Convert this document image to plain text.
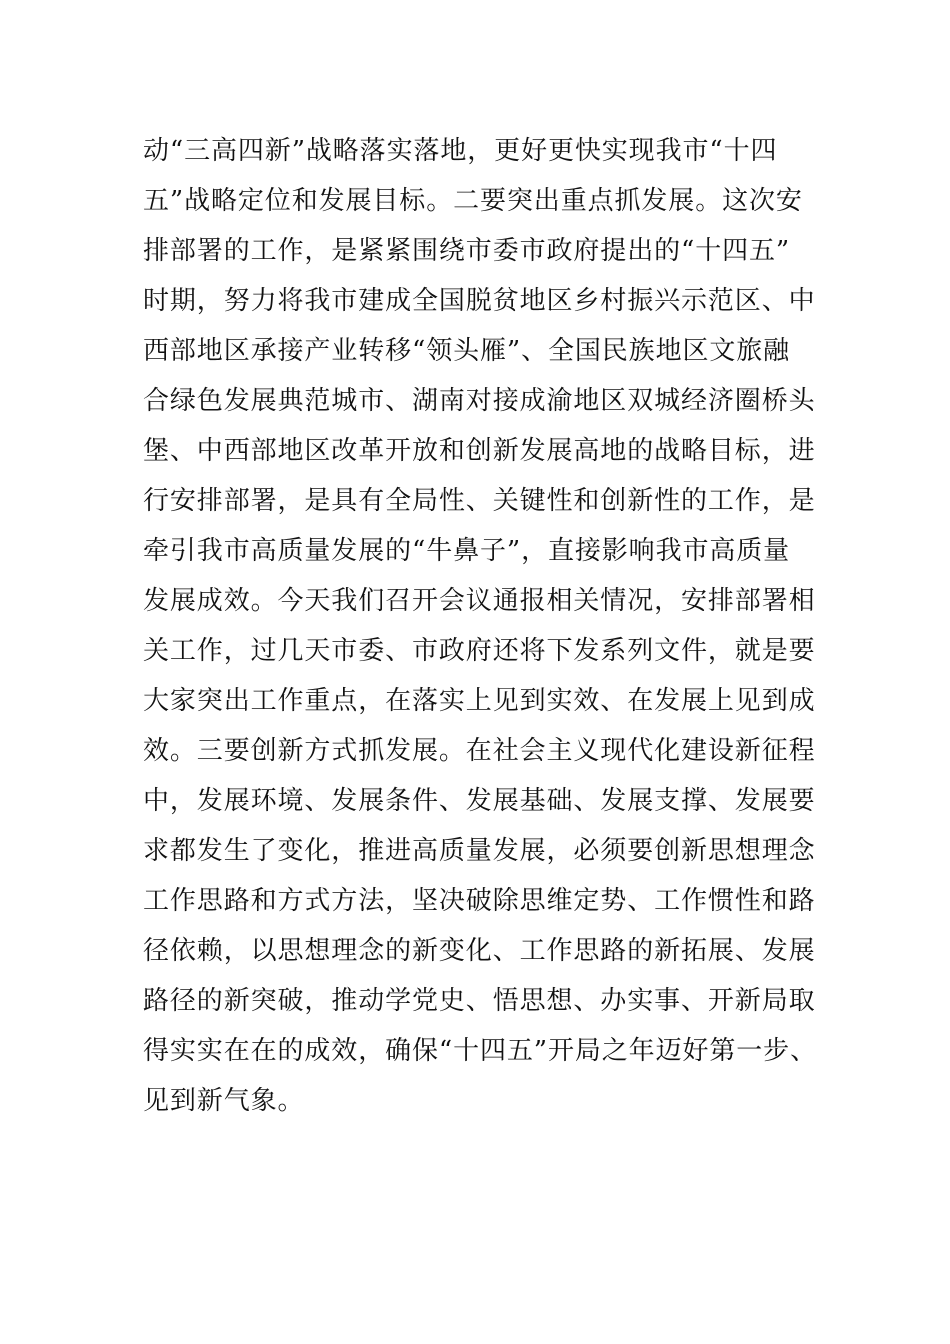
动“三高四新”战略落实落地，更好更快实现我市“十四
五”战略定位和发展目标。二要突出重点抓发展。这次安
排部署的工作，是紧紧围绕市委市政府提出的“十四五”
时期，努力将我市建成全国脱贫地区乡村振兴示范区、中
西部地区承接产业转移“领头雁”、全国民族地区文旅融
合绿色发展典范城市、湖南对接成渝地区双城经济圈桥头
堡、中西部地区改革开放和创新发展高地的战略目标，进
行安排部署，是具有全局性、关键性和创新性的工作，是
牵引我市高质量发展的“牛鼻子”，直接影响我市高质量
发展成效。今天我们召开会议通报相关情况，安排部署相
关工作，过几天市委、市政府还将下发系列文件，就是要
大家突出工作重点，在落实上见到实效、在发展上见到成
效。三要创新方式抓发展。在社会主义现代化建设新征程
中，发展环境、发展条件、发展基础、发展支撑、发展要
求都发生了变化，推进高质量发展，必须要创新思想理念
工作思路和方式方法，坚决破除思维定势、工作惯性和路
径依赖，以思想理念的新变化、工作思路的新拓展、发展
路径的新突破，推动学党史、悟思想、办实事、开新局取
得实实在在的成效，确保“十四五”开局之年迈好第一步、
见到新气象。
